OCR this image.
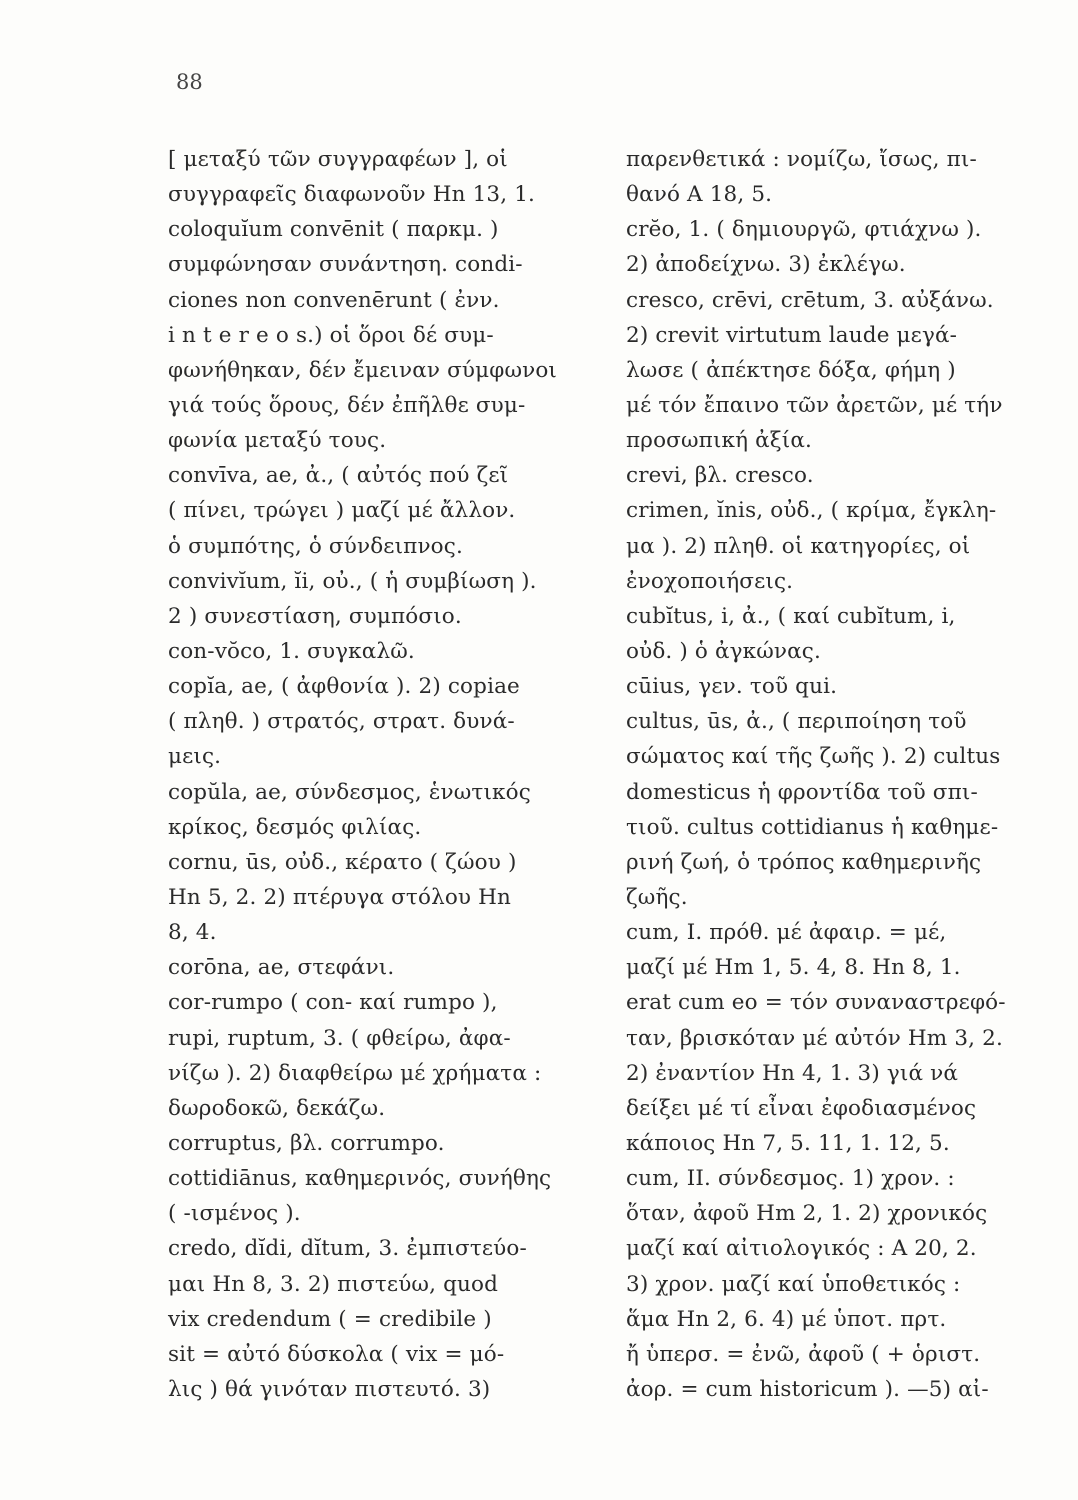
88
[ μεταξύ τῶν συγγραφέων ], οἱ
συγγραφεῖς διαφωνοῦν Hn 13, 1.
coloquĭum convēnit ( παρκμ. )
συμφώνησαν συνάντηση. condi-
ciones non convenērunt ( ἐνν.
i n t e r e o s.) οἱ ὅροι δέ συμ-
φωνήθηκαν, δέν ἔμειναν σύμφωνοι
γιά τούς ὅρους, δέν ἐπῆλθε συμ-
φωνία μεταξύ τους.
convīva, ae, ἀ., ( αὐτός πού ζεῖ
( πίνει, τρώγει ) μαζί μέ ἄλλον.
ὁ συμπότης, ὁ σύνδειπνος.
convivĭum, ĭi, οὐ., ( ἡ συμβίωση ).
2 ) συνεστίαση, συμπόσιο.
con-vŏco, 1. συγκαλῶ.
copĭa, ae, ( ἀφθονία ). 2) copiae
( πληθ. ) στρατός, στρατ. δυνά-
μεις.
copŭla, ae, σύνδεσμος, ἑνωτικός
κρίκος, δεσμός φιλίας.
cornu, ūs, οὐδ., κέρατο ( ζώου )
Hn 5, 2. 2) πτέρυγα στόλου Hn
8, 4.
corōna, ae, στεφάνι.
cor-rumpo ( con- καί rumpo ),
rupi, ruptum, 3. ( φθείρω, ἀφα-
νίζω ). 2) διαφθείρω μέ χρήματα :
δωροδοκῶ, δεκάζω.
corruptus, βλ. corrumpo.
cottidiānus, καθημερινός, συνήθης
( -ισμένος ).
credo, dĭdi, dĭtum, 3. ἐμπιστεύο-
μαι Hn 8, 3. 2) πιστεύω, quod
vix credendum ( = credibile )
sit = αὐτό δύσκολα ( vix = μό-
λις ) θά γινόταν πιστευτό. 3)
παρενθετικά : νομίζω, ἴσως, πι-
θανό A 18, 5.
crĕo, 1. ( δημιουργῶ, φτιάχνω ).
2) ἀποδείχνω. 3) ἐκλέγω.
cresco, crēvi, crētum, 3. αὐξάνω.
2) crevit virtutum laude μεγά-
λωσε ( ἀπέκτησε δόξα, φήμη )
μέ τόν ἔπαινο τῶν ἀρετῶν, μέ τήν
προσωπική ἀξία.
crevi, βλ. cresco.
crimen, ĭnis, οὐδ., ( κρίμα, ἔγκλη-
μα ). 2) πληθ. οἱ κατηγορίες, οἱ
ἐνοχοποιήσεις.
cubĭtus, i, ἀ., ( καί cubĭtum, i,
οὐδ. ) ὁ ἀγκώνας.
cūius, γεν. τοῦ qui.
cultus, ūs, ἀ., ( περιποίηση τοῦ
σώματος καί τῆς ζωῆς ). 2) cultus
domesticus ἡ φροντίδα τοῦ σπι-
τιοῦ. cultus cottidianus ἡ καθημε-
ρινή ζωή, ὁ τρόπος καθημερινῆς
ζωῆς.
cum, I. πρόθ. μέ ἀφαιρ. = μέ,
μαζί μέ Hm 1, 5. 4, 8. Hn 8, 1.
erat cum eo = τόν συναναστρεφό-
ταν, βρισκόταν μέ αὐτόν Hm 3, 2.
2) ἐναντίον Hn 4, 1. 3) γιά νά
δείξει μέ τί εἶναι ἐφοδιασμένος
κάποιος Hn 7, 5. 11, 1. 12, 5.
cum, II. σύνδεσμος. 1) χρον. :
ὅταν, ἀφοῦ Hm 2, 1. 2) χρονικός
μαζί καί αἰτιολογικός : A 20, 2.
3) χρον. μαζί καί ὑποθετικός :
ἅμα Hn 2, 6. 4) μέ ὑποτ. πρτ.
ἤ ὑπερσ. = ἐνῶ, ἀφοῦ ( + ὁριστ.
ἀορ. = cum historicum ). —5) αἰ-
